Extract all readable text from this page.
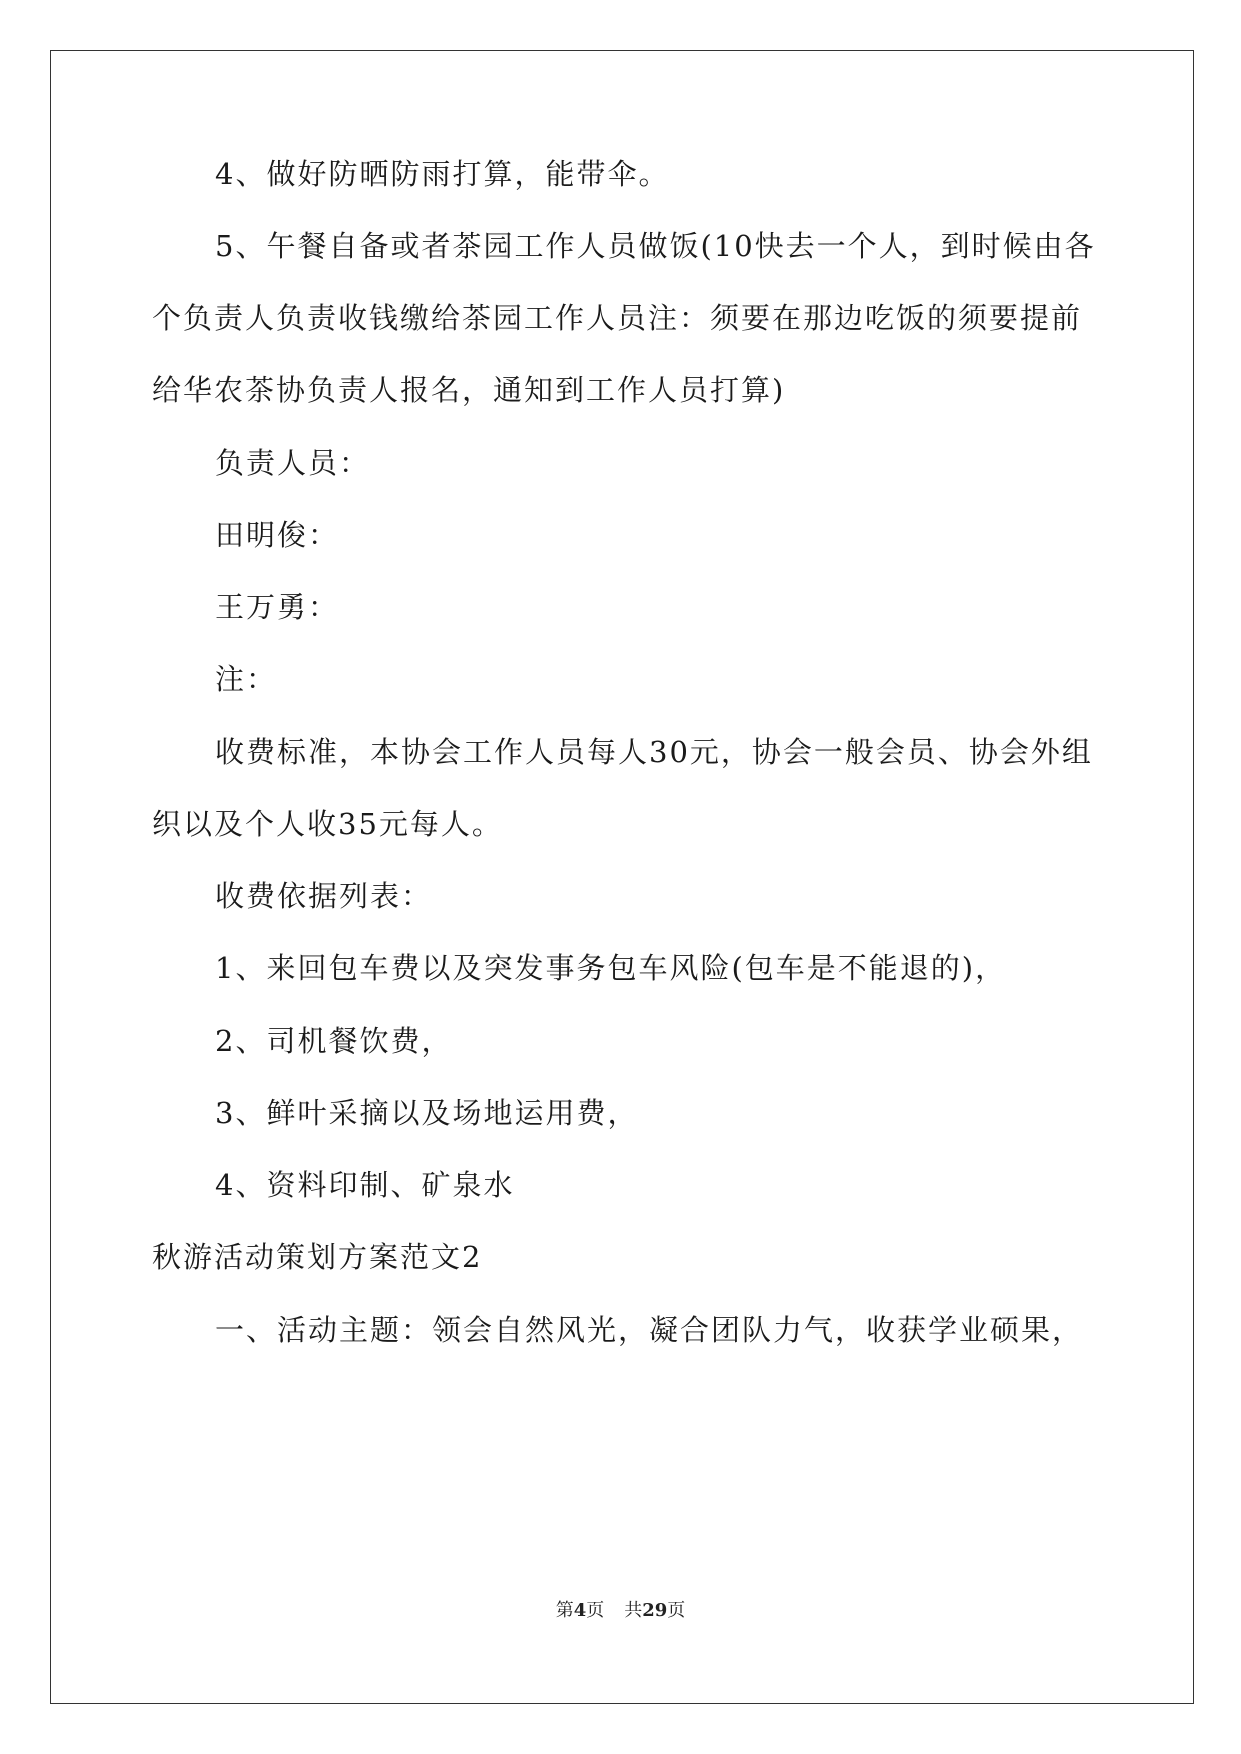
4、做好防晒防雨打算，能带伞。
5、午餐自备或者茶园工作人员做饭(10快去一个人，到时候由各
个负责人负责收钱缴给茶园工作人员注：须要在那边吃饭的须要提前
给华农茶协负责人报名，通知到工作人员打算)
负责人员：
田明俊：
王万勇：
注：
收费标准，本协会工作人员每人30元，协会一般会员、协会外组
织以及个人收35元每人。
收费依据列表：
1、来回包车费以及突发事务包车风险(包车是不能退的)，
2、司机餐饮费，
3、鲜叶采摘以及场地运用费，
4、资料印制、矿泉水
秋游活动策划方案范文2
一、活动主题：领会自然风光，凝合团队力气，收获学业硕果，
第4页 共29页
